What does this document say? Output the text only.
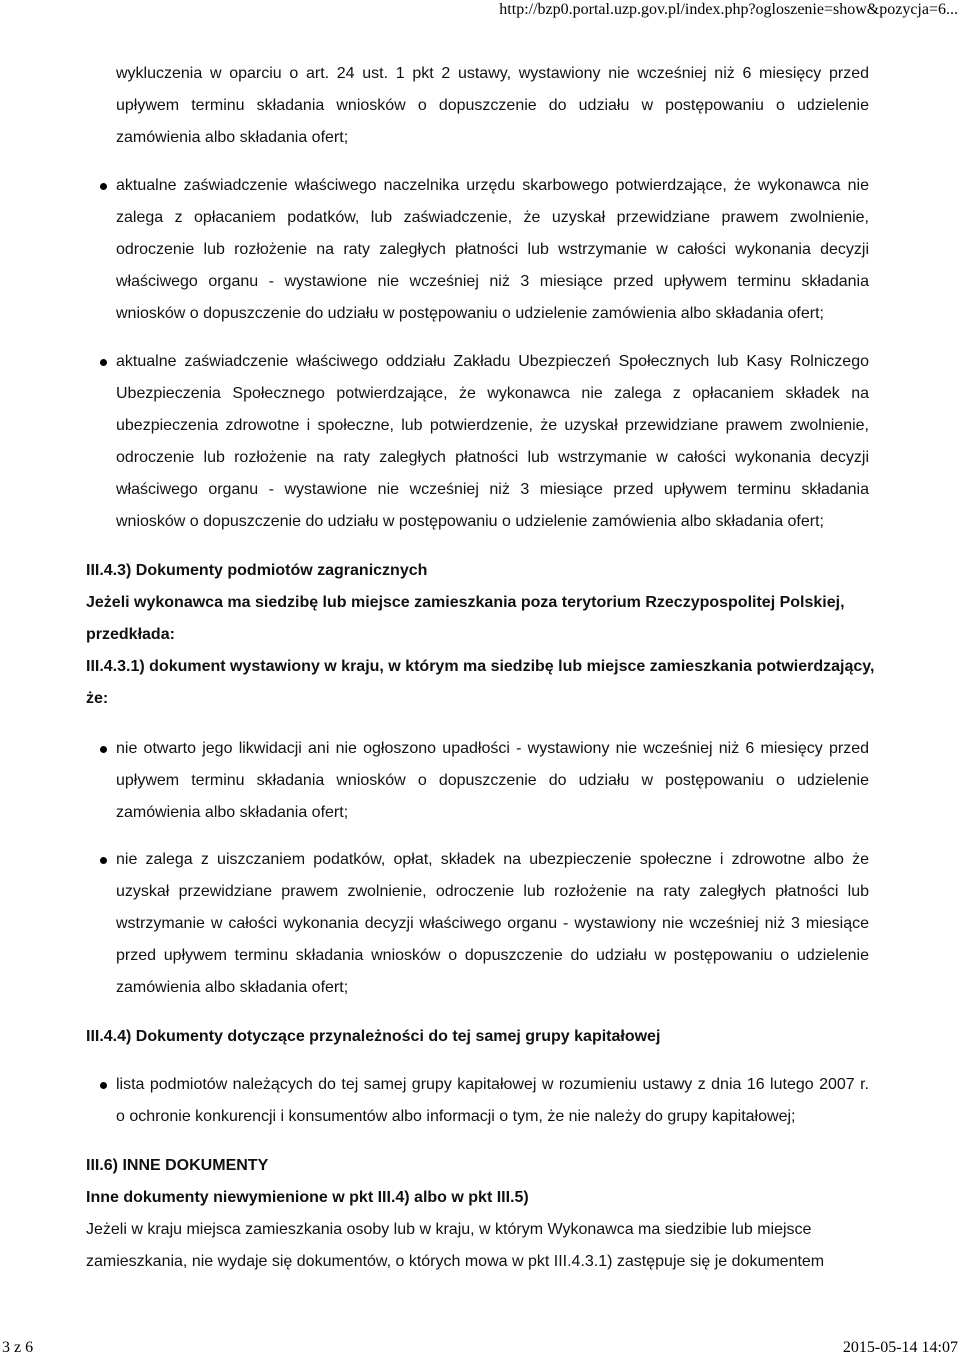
http://bzp0.portal.uzp.gov.pl/index.php?ogloszenie=show&pozycja=6...
wykluczenia w oparciu o art. 24 ust. 1 pkt 2 ustawy, wystawiony nie wcześniej niż 6 miesięcy przed
upływem terminu składania wniosków o dopuszczenie do udziału w postępowaniu o udzielenie
zamówienia albo składania ofert;
aktualne zaświadczenie właściwego naczelnika urzędu skarbowego potwierdzające, że wykonawca nie
zalega z opłacaniem podatków, lub zaświadczenie, że uzyskał przewidziane prawem zwolnienie,
odroczenie lub rozłożenie na raty zaległych płatności lub wstrzymanie w całości wykonania decyzji
właściwego organu - wystawione nie wcześniej niż 3 miesiące przed upływem terminu składania
wniosków o dopuszczenie do udziału w postępowaniu o udzielenie zamówienia albo składania ofert;
aktualne zaświadczenie właściwego oddziału Zakładu Ubezpieczeń Społecznych lub Kasy Rolniczego
Ubezpieczenia Społecznego potwierdzające, że wykonawca nie zalega z opłacaniem składek na
ubezpieczenia zdrowotne i społeczne, lub potwierdzenie, że uzyskał przewidziane prawem zwolnienie,
odroczenie lub rozłożenie na raty zaległych płatności lub wstrzymanie w całości wykonania decyzji
właściwego organu - wystawione nie wcześniej niż 3 miesiące przed upływem terminu składania
wniosków o dopuszczenie do udziału w postępowaniu o udzielenie zamówienia albo składania ofert;
III.4.3) Dokumenty podmiotów zagranicznych
Jeżeli wykonawca ma siedzibę lub miejsce zamieszkania poza terytorium Rzeczypospolitej Polskiej,
przedkłada:
III.4.3.1) dokument wystawiony w kraju, w którym ma siedzibę lub miejsce zamieszkania potwierdzający,
że:
nie otwarto jego likwidacji ani nie ogłoszono upadłości - wystawiony nie wcześniej niż 6 miesięcy przed
upływem terminu składania wniosków o dopuszczenie do udziału w postępowaniu o udzielenie
zamówienia albo składania ofert;
nie zalega z uiszczaniem podatków, opłat, składek na ubezpieczenie społeczne i zdrowotne albo że
uzyskał przewidziane prawem zwolnienie, odroczenie lub rozłożenie na raty zaległych płatności lub
wstrzymanie w całości wykonania decyzji właściwego organu - wystawiony nie wcześniej niż 3 miesiące
przed upływem terminu składania wniosków o dopuszczenie do udziału w postępowaniu o udzielenie
zamówienia albo składania ofert;
III.4.4) Dokumenty dotyczące przynależności do tej samej grupy kapitałowej
lista podmiotów należących do tej samej grupy kapitałowej w rozumieniu ustawy z dnia 16 lutego 2007 r.
o ochronie konkurencji i konsumentów albo informacji o tym, że nie należy do grupy kapitałowej;
III.6) INNE DOKUMENTY
Inne dokumenty niewymienione w pkt III.4) albo w pkt III.5)
Jeżeli w kraju miejsca zamieszkania osoby lub w kraju, w którym Wykonawca ma siedzibie lub miejsce
zamieszkania, nie wydaje się dokumentów, o których mowa w pkt III.4.3.1) zastępuje się je dokumentem
3 z 6	2015-05-14 14:07
